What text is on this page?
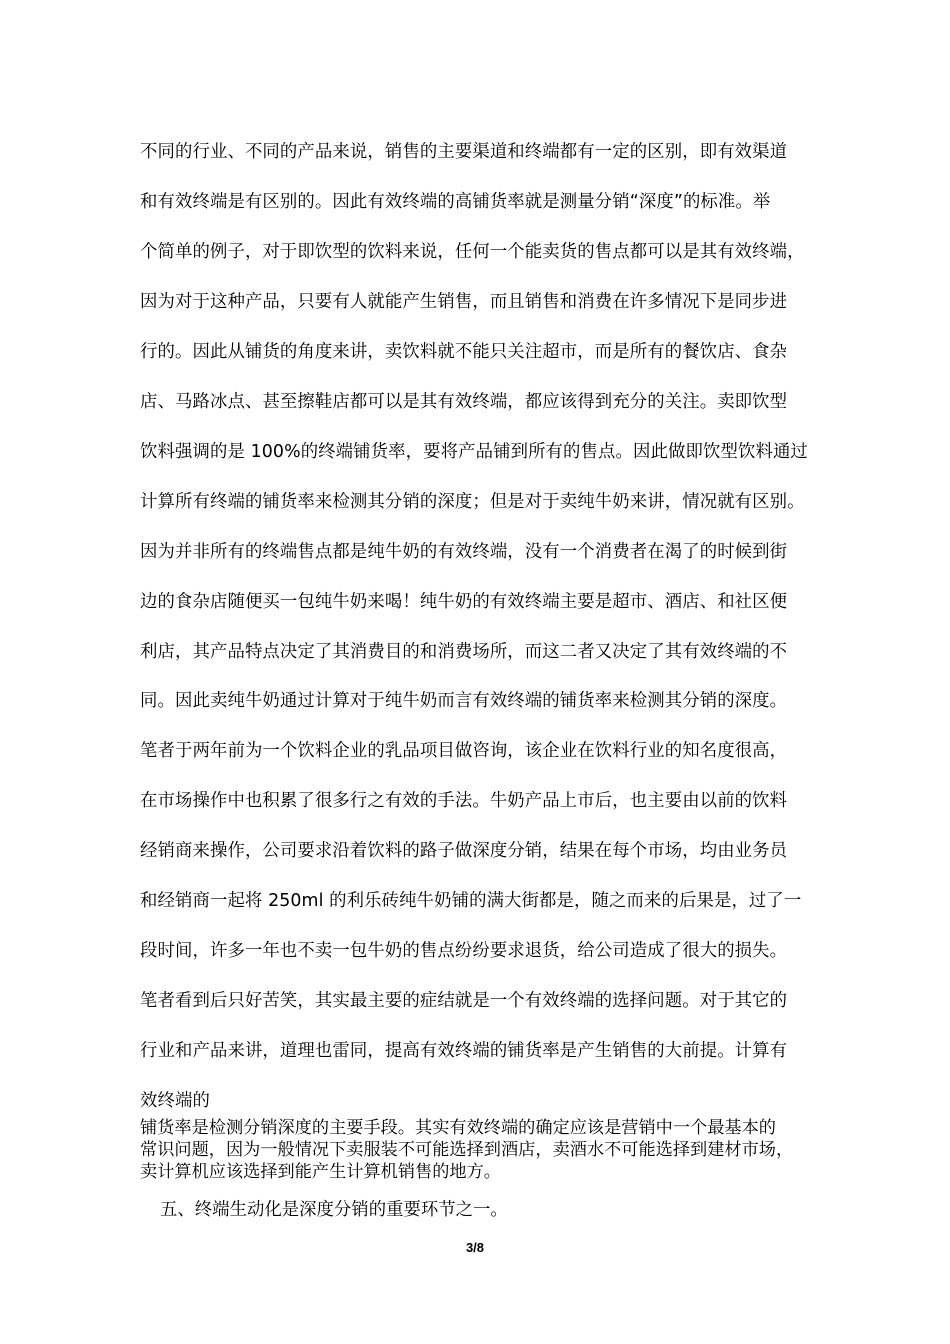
不同的行业、不同的产品来说，销售的主要渠道和终端都有一定的区别，即有效渠道
和有效终端是有区别的。因此有效终端的高铺货率就是测量分销“深度”的标准。举
个简单的例子，对于即饮型的饮料来说，任何一个能卖货的售点都可以是其有效终端，
因为对于这种产品，只要有人就能产生销售，而且销售和消费在许多情况下是同步进
行的。因此从铺货的角度来讲，卖饮料就不能只关注超市，而是所有的餐饮店、食杂
店、马路冰点、甚至擦鞋店都可以是其有效终端，都应该得到充分的关注。卖即饮型
饮料强调的是 100%的终端铺货率，要将产品铺到所有的售点。因此做即饮型饮料通过
计算所有终端的铺货率来检测其分销的深度；但是对于卖纯牛奶来讲，情况就有区别。
因为并非所有的终端售点都是纯牛奶的有效终端，没有一个消费者在渴了的时候到街
边的食杂店随便买一包纯牛奶来喝！纯牛奶的有效终端主要是超市、酒店、和社区便
利店，其产品特点决定了其消费目的和消费场所，而这二者又决定了其有效终端的不
同。因此卖纯牛奶通过计算对于纯牛奶而言有效终端的铺货率来检测其分销的深度。
笔者于两年前为一个饮料企业的乳品项目做咨询，该企业在饮料行业的知名度很高，
在市场操作中也积累了很多行之有效的手法。牛奶产品上市后，也主要由以前的饮料
经销商来操作，公司要求沿着饮料的路子做深度分销，结果在每个市场，均由业务员
和经销商一起将 250ml 的利乐砖纯牛奶铺的满大街都是，随之而来的后果是，过了一
段时间，许多一年也不卖一包牛奶的售点纷纷要求退货，给公司造成了很大的损失。
笔者看到后只好苦笑，其实最主要的症结就是一个有效终端的选择问题。对于其它的
行业和产品来讲，道理也雷同，提高有效终端的铺货率是产生销售的大前提。计算有
效终端的
铺货率是检测分销深度的主要手段。其实有效终端的确定应该是营销中一个最基本的
常识问题，因为一般情况下卖服装不可能选择到酒店，卖酒水不可能选择到建材市场，
卖计算机应该选择到能产生计算机销售的地方。
五、终端生动化是深度分销的重要环节之一。
3/8
